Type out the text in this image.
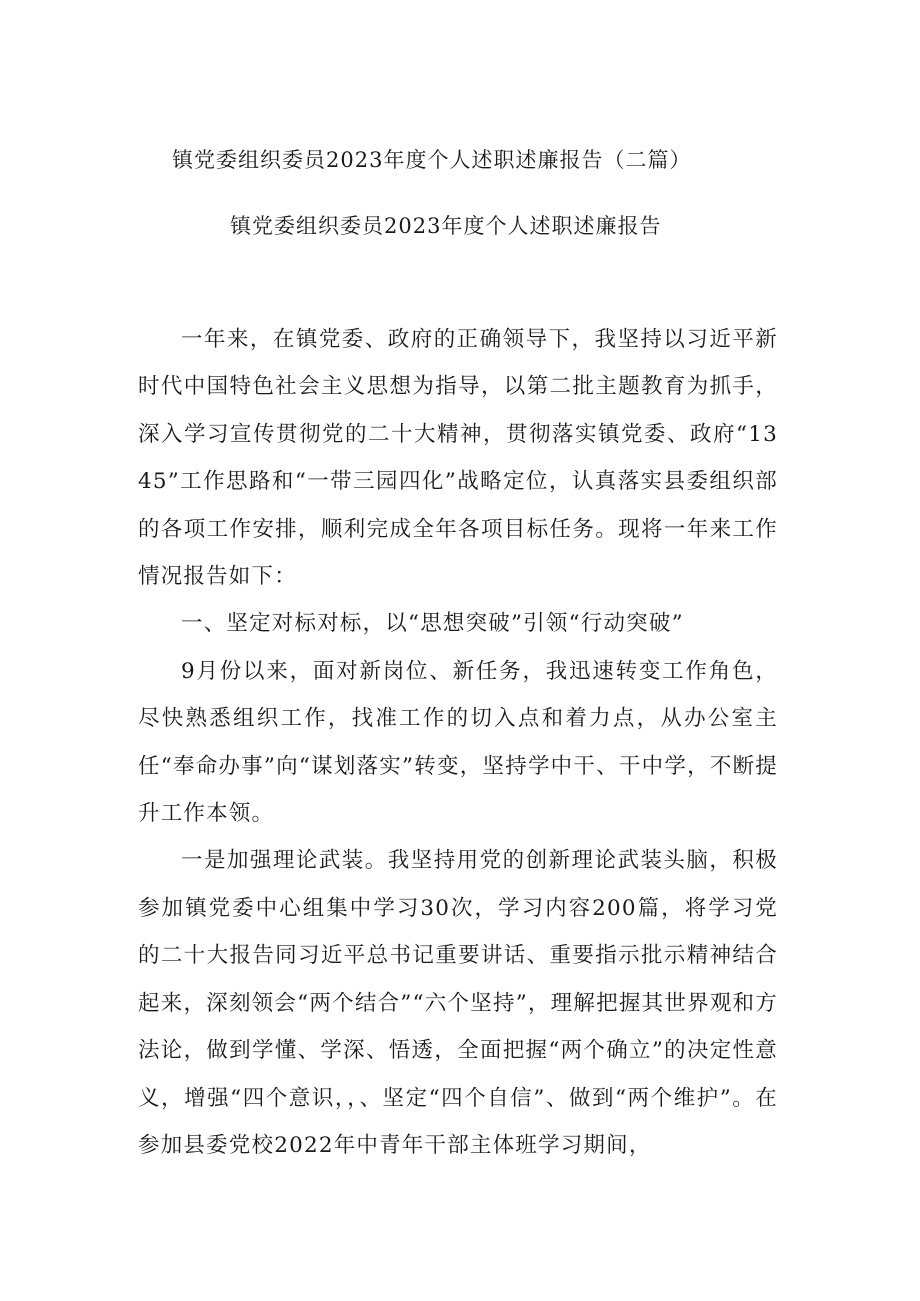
镇党委组织委员2023年度个人述职述廉报告（二篇）
镇党委组织委员2023年度个人述职述廉报告

一年来，在镇党委、政府的正确领导下，我坚持以习近平新时代中国特色社会主义思想为指导，以第二批主题教育为抓手，深入学习宣传贯彻党的二十大精神，贯彻落实镇党委、政府“1345”工作思路和“一带三园四化”战略定位，认真落实县委组织部的各项工作安排，顺利完成全年各项目标任务。现将一年来工作情况报告如下：

一、坚定对标对标，以“思想突破”引领“行动突破”

9月份以来，面对新岗位、新任务，我迅速转变工作角色，尽快熟悉组织工作，找准工作的切入点和着力点，从办公室主任“奉命办事”向“谋划落实”转变，坚持学中干、干中学，不断提升工作本领。

一是加强理论武装。我坚持用党的创新理论武装头脑，积极参加镇党委中心组集中学习30次，学习内容200篇，将学习党的二十大报告同习近平总书记重要讲话、重要指示批示精神结合起来，深刻领会“两个结合”“六个坚持”，理解把握其世界观和方法论，做到学懂、学深、悟透，全面把握“两个确立”的决定性意义，增强“四个意识，，、坚定“四个自信”、做到“两个维护”。在参加县委党校2022年中青年干部主体班学习期间，
